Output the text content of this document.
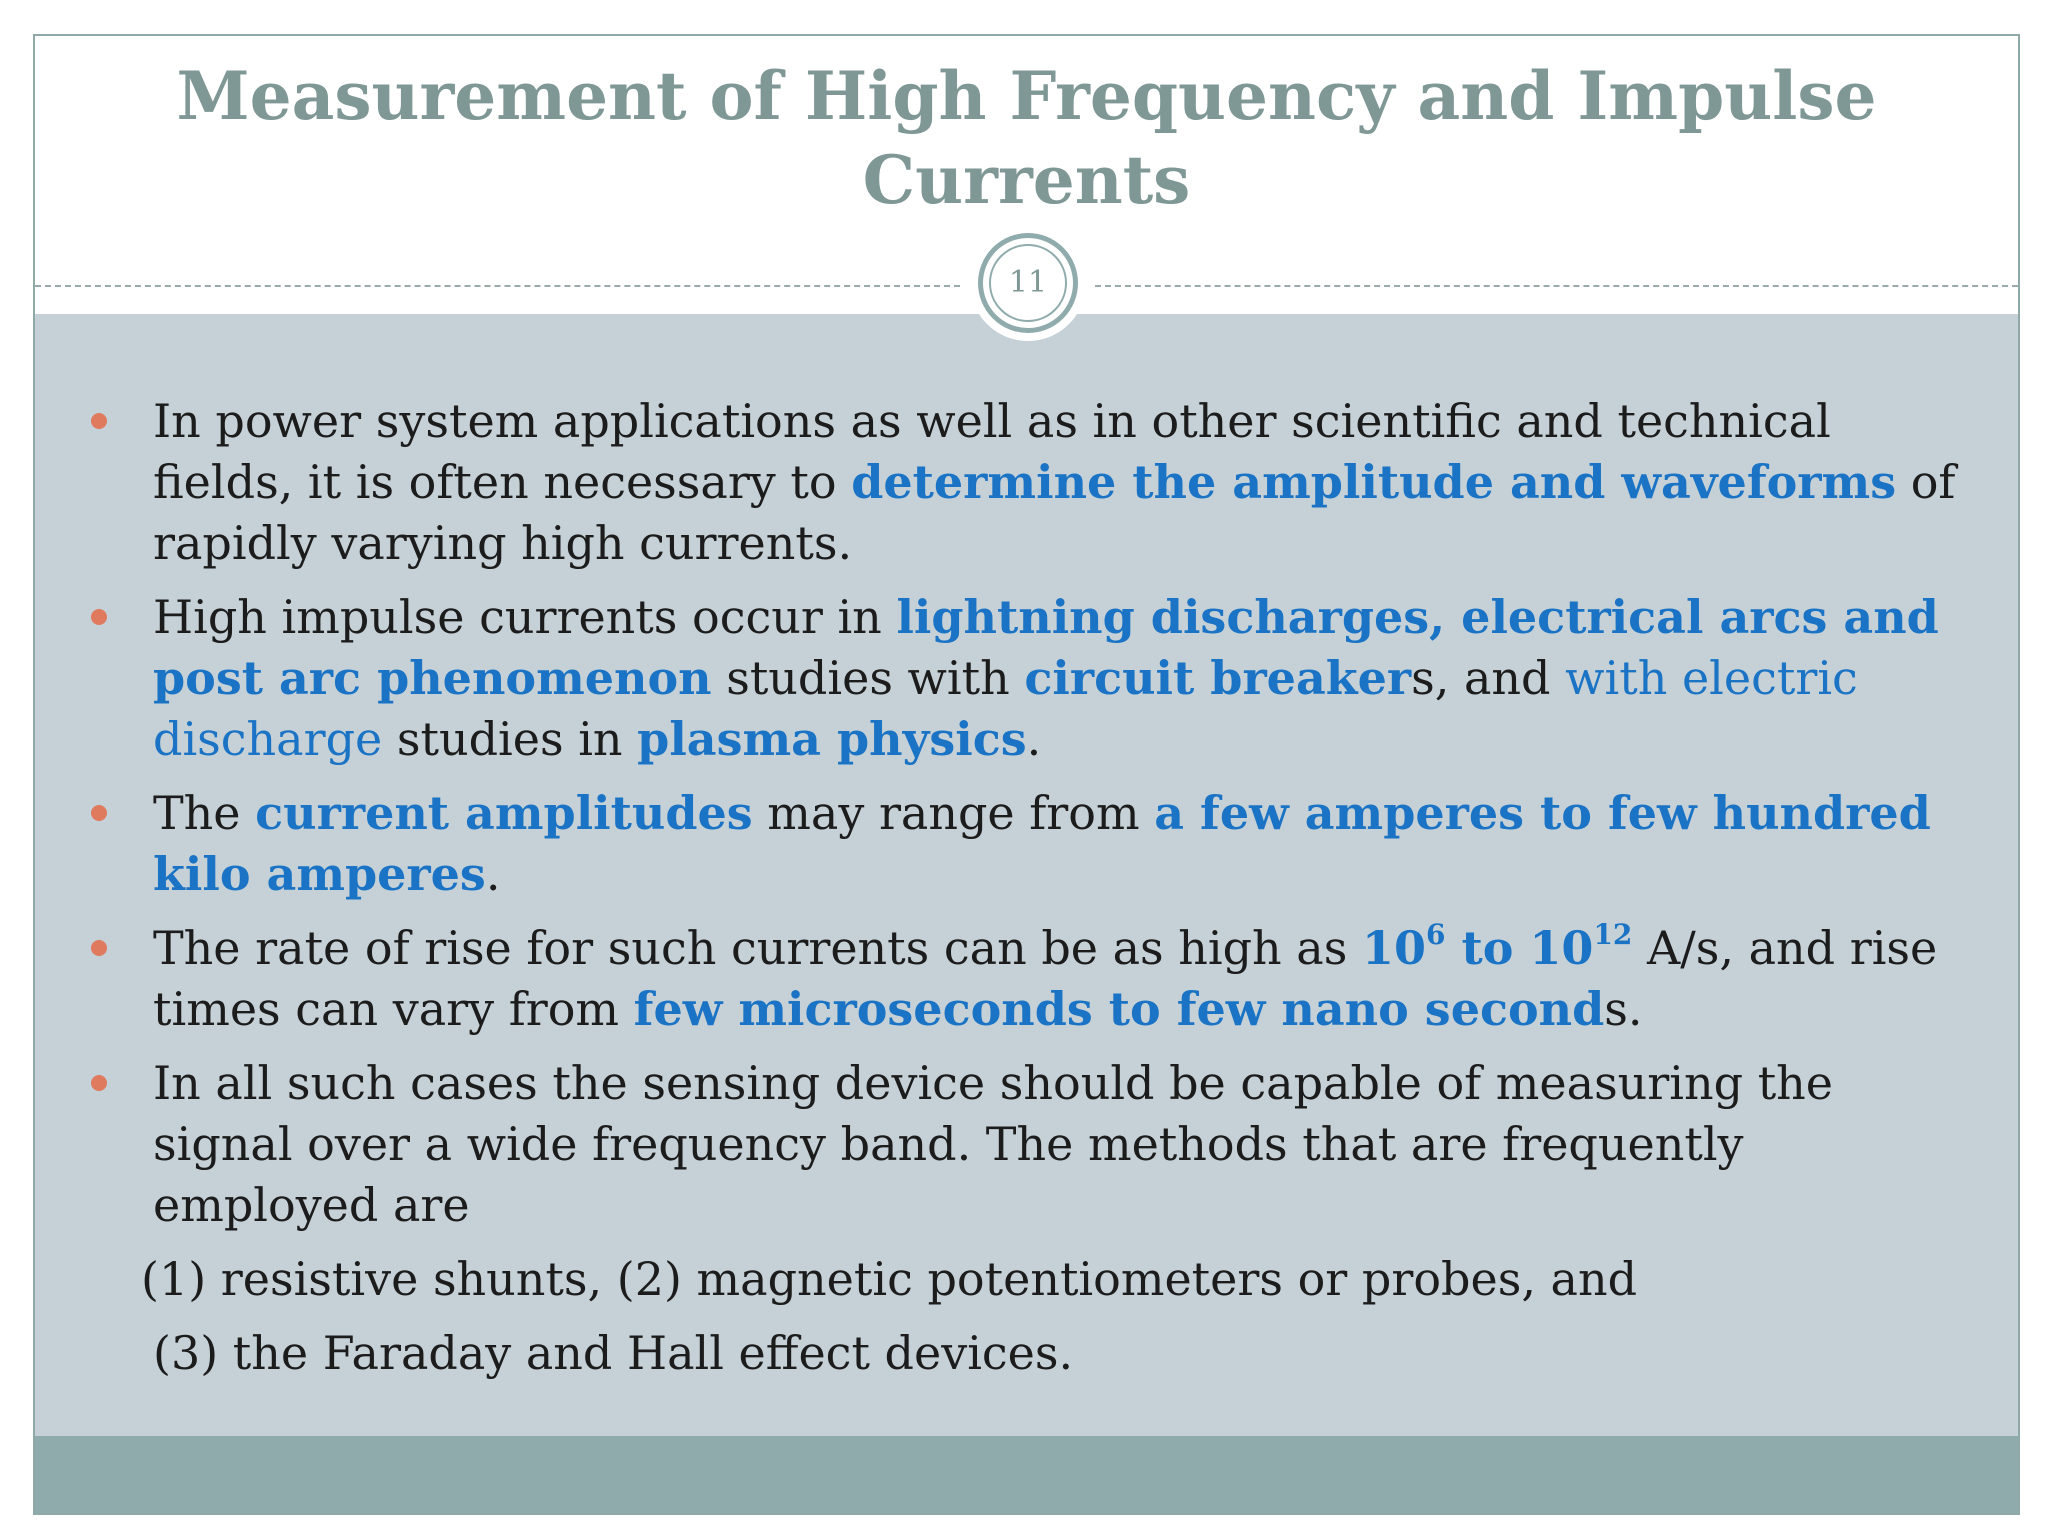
Measurement of High Frequency and Impulse Currents
11
In power system applications as well as in other scientific and technical fields, it is often necessary to determine the amplitude and waveforms of rapidly varying high currents.
High impulse currents occur in lightning discharges, electrical arcs and post arc phenomenon studies with circuit breakers, and with electric discharge studies in plasma physics.
The current amplitudes may range from a few amperes to few hundred kilo amperes.
The rate of rise for such currents can be as high as $10^6$ to $10^{12}$ A/s, and rise times can vary from few microseconds to few nano seconds.
In all such cases the sensing device should be capable of measuring the signal over a wide frequency band. The methods that are frequently employed are
(1) resistive shunts, (2) magnetic potentiometers or probes, and
(3) the Faraday and Hall effect devices.
